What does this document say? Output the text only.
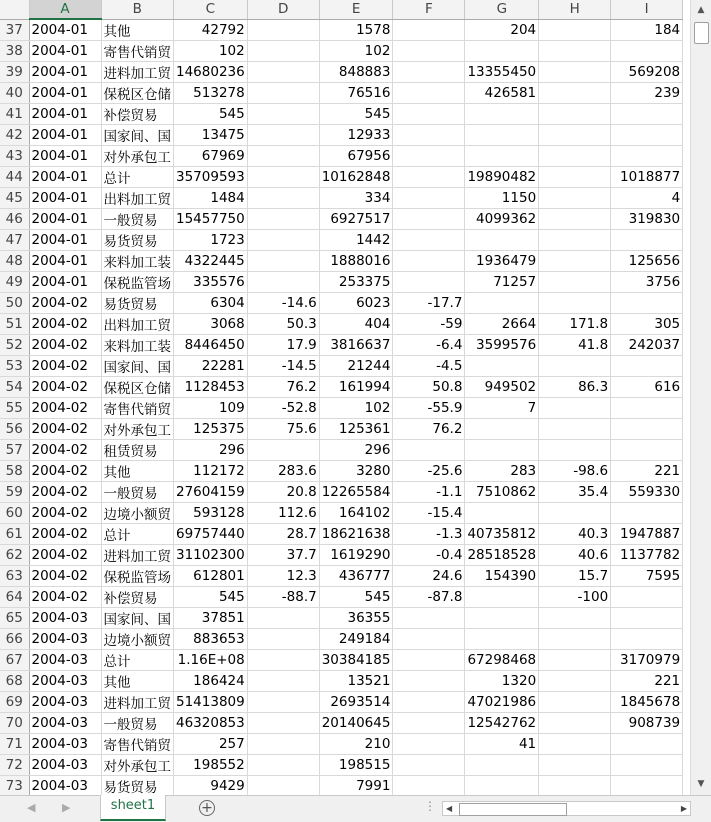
	A	B	C	D	E	F	G	H	I
37	2004-01	其他	42792		1578		204		184
38	2004-01	寄售代销贸	102		102				
39	2004-01	进料加工贸	14680236		848883		13355450		569208
40	2004-01	保税区仓储	513278		76516		426581		239
41	2004-01	补偿贸易	545		545				
42	2004-01	国家间、国	13475		12933				
43	2004-01	对外承包工	67969		67956				
44	2004-01	总计	35709593		10162848		19890482		1018877
45	2004-01	出料加工贸	1484		334		1150		4
46	2004-01	一般贸易	15457750		6927517		4099362		319830
47	2004-01	易货贸易	1723		1442				
48	2004-01	来料加工装	4322445		1888016		1936479		125656
49	2004-01	保税监管场	335576		253375		71257		3756
50	2004-02	易货贸易	6304	-14.6	6023	-17.7			
51	2004-02	出料加工贸	3068	50.3	404	-59	2664	171.8	305
52	2004-02	来料加工装	8446450	17.9	3816637	-6.4	3599576	41.8	242037
53	2004-02	国家间、国	22281	-14.5	21244	-4.5			
54	2004-02	保税区仓储	1128453	76.2	161994	50.8	949502	86.3	616
55	2004-02	寄售代销贸	109	-52.8	102	-55.9	7		
56	2004-02	对外承包工	125375	75.6	125361	76.2			
57	2004-02	租赁贸易	296		296				
58	2004-02	其他	112172	283.6	3280	-25.6	283	-98.6	221
59	2004-02	一般贸易	27604159	20.8	12265584	-1.1	7510862	35.4	559330
60	2004-02	边境小额贸	593128	112.6	164102	-15.4			
61	2004-02	总计	69757440	28.7	18621638	-1.3	40735812	40.3	1947887
62	2004-02	进料加工贸	31102300	37.7	1619290	-0.4	28518528	40.6	1137782
63	2004-02	保税监管场	612801	12.3	436777	24.6	154390	15.7	7595
64	2004-02	补偿贸易	545	-88.7	545	-87.8		-100	
65	2004-03	国家间、国	37851		36355				
66	2004-03	边境小额贸	883653		249184				
67	2004-03	总计	1.16E+08		30384185		67298468		3170979
68	2004-03	其他	186424		13521		1320		221
69	2004-03	进料加工贸	51413809		2693514		47021986		1845678
70	2004-03	一般贸易	46320853		20140645		12542762		908739
71	2004-03	寄售代销贸	257		210		41		
72	2004-03	对外承包工	198552		198515				
73	2004-03	易货贸易	9429		7991				

▲
▼
◀ ▶	sheet1	+	⋮ ◀	▶
